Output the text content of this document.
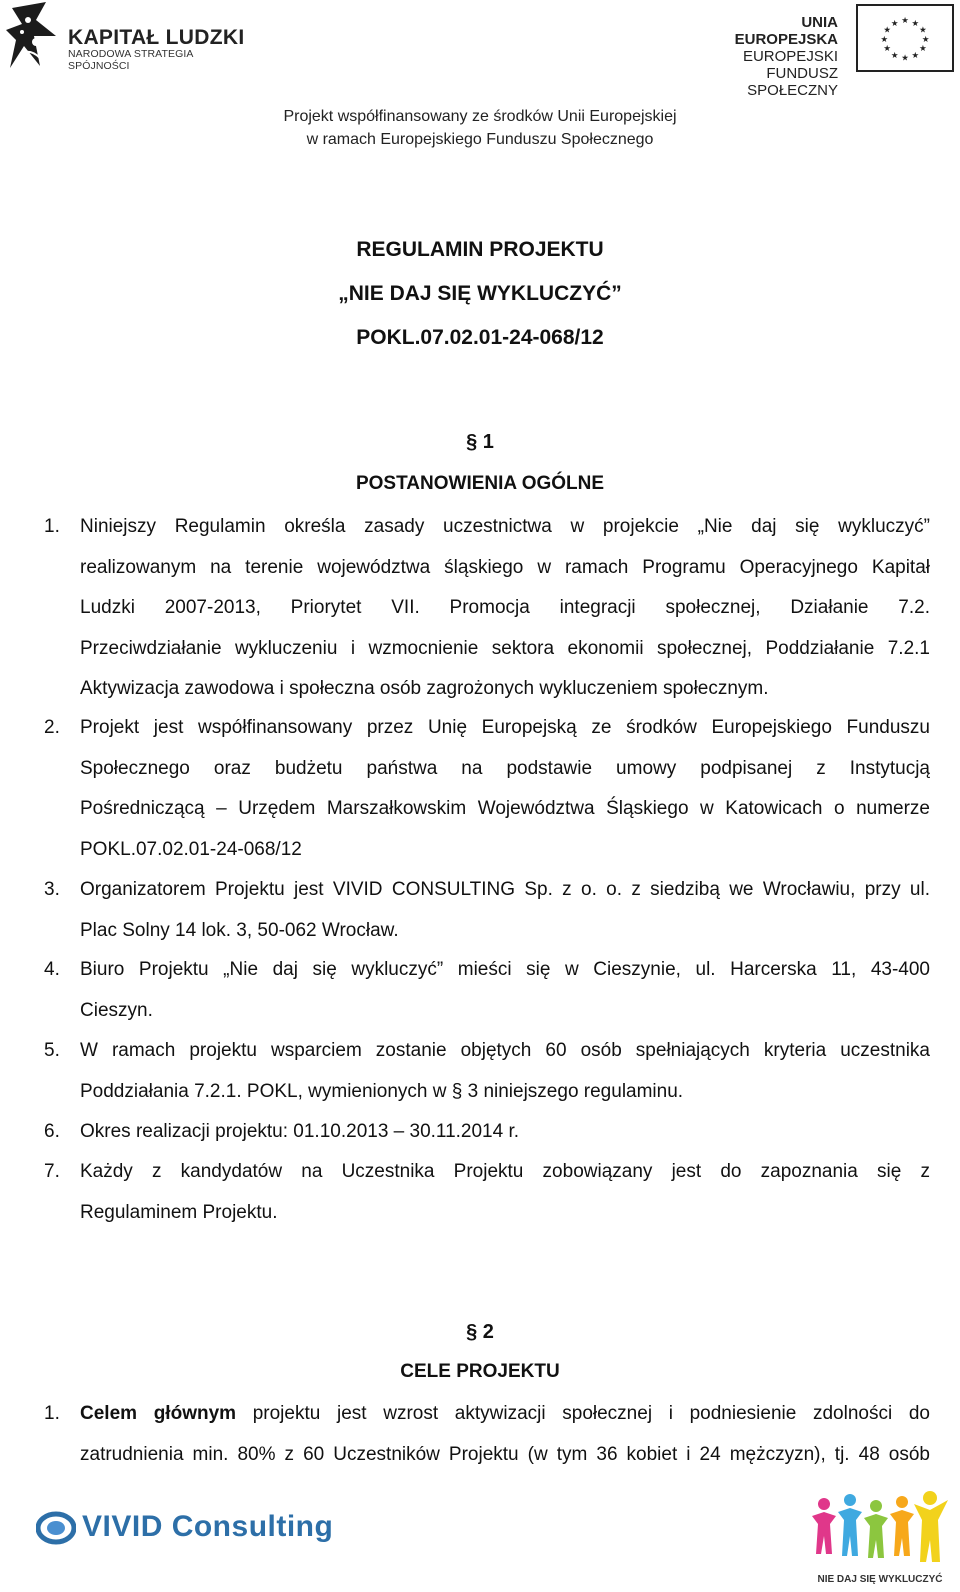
KAPITAŁ LUDZKI
NARODOWA STRATEGIA SPÓJNOŚCI
UNIA EUROPEJSKA
EUROPEJSKI
FUNDUSZ SPOŁECZNY
★ ★
★
★
★
★
★
★
★
★
★
★
Projekt współfinansowany ze środków Unii Europejskiej
w ramach Europejskiego Funduszu Społecznego
REGULAMIN PROJEKTU
„NIE DAJ SIĘ WYKLUCZYĆ”
POKL.07.02.01-24-068/12
§ 1
POSTANOWIENIA OGÓLNE
1. Niniejszy Regulamin określa zasady uczestnictwa w projekcie „Nie daj się wykluczyć”
realizowanym na terenie województwa śląskiego w ramach Programu Operacyjnego Kapitał
Ludzki 2007-2013, Priorytet VII. Promocja integracji społecznej, Działanie 7.2.
Przeciwdziałanie wykluczeniu i wzmocnienie sektora ekonomii społecznej, Poddziałanie 7.2.1
Aktywizacja zawodowa i społeczna osób zagrożonych wykluczeniem społecznym.
2. Projekt jest współfinansowany przez Unię Europejską ze środków Europejskiego Funduszu
Społecznego oraz budżetu państwa na podstawie umowy podpisanej z Instytucją
Pośredniczącą – Urzędem Marszałkowskim Województwa Śląskiego w Katowicach o numerze
POKL.07.02.01-24-068/12
3. Organizatorem Projektu jest VIVID CONSULTING Sp. z o. o. z siedzibą we Wrocławiu, przy ul.
Plac Solny 14 lok. 3, 50-062 Wrocław.
4. Biuro Projektu „Nie daj się wykluczyć” mieści się w Cieszynie, ul. Harcerska 11, 43-400
Cieszyn.
5. W ramach projektu wsparciem zostanie objętych 60 osób spełniających kryteria uczestnika
Poddziałania 7.2.1. POKL, wymienionych w § 3 niniejszego regulaminu.
6. Okres realizacji projektu: 01.10.2013 – 30.11.2014 r.
7. Każdy z kandydatów na Uczestnika Projektu zobowiązany jest do zapoznania się z
Regulaminem Projektu.
§ 2
CELE PROJEKTU
1. Celem głównym projektu jest wzrost aktywizacji społecznej i podniesienie zdolności do
zatrudnienia min. 80% z 60 Uczestników Projektu (w tym 36 kobiet i 24 mężczyzn), tj. 48 osób
VIVID Consulting
NIE DAJ SIĘ WYKLUCZYĆ
